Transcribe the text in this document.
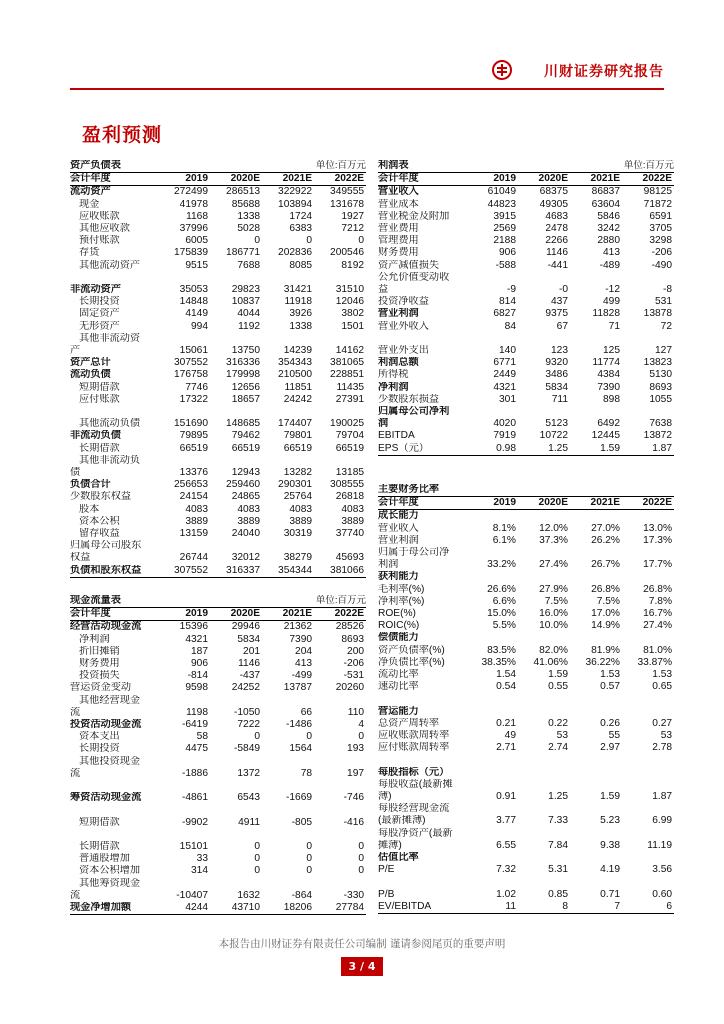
川财证券研究报告
盈利预测
资产负债表			单位:百万元	
会计年度	2019	2020E	2021E	2022E
流动资产	272499	286513	322922	349555
现金	41978	85688	103894	131678
应收账款	1168	1338	1724	1927
其他应收款	37996	5028	6383	7212
预付账款	6005	0	0	0
存货	175839	186771	202836	200546
其他流动资产	9515	7688	8085	8192

非流动资产	35053	29823	31421	31510
长期投资	14848	10837	11918	12046
固定资产	4149	4044	3926	3802
无形资产	994	1192	1338	1501
其他非流动资				
产	15061	13750	14239	14162
资产总计	307552	316336	354343	381065
流动负债	176758	179998	210500	228851
短期借款	7746	12656	11851	11435
应付账款	17322	18657	24242	27391

其他流动负债	151690	148685	174407	190025
非流动负债	79895	79462	79801	79704
长期借款	66519	66519	66519	66519
其他非流动负				
债	13376	12943	13282	13185
负债合计	256653	259460	290301	308555
少数股东权益	24154	24865	25764	26818
股本	4083	4083	4083	4083
资本公积	3889	3889	3889	3889
留存收益	13159	24040	30319	37740
归属母公司股东				
权益	26744	32012	38279	45693
负债和股东权益	307552	316337	354344	381066
现金流量表			单位:百万元	
会计年度	2019	2020E	2021E	2022E
经营活动现金流	15396	29946	21362	28526
净利润	4321	5834	7390	8693
折旧摊销	187	201	204	200
财务费用	906	1146	413	-206
投资损失	-814	-437	-499	-531
营运资金变动	9598	24252	13787	20260
其他经营现金				
流	1198	-1050	66	110
投资活动现金流	-6419	7222	-1486	4
资本支出	58	0	0	0
长期投资	4475	-5849	1564	193
其他投资现金				
流	-1886	1372	78	197

筹资活动现金流	-4861	6543	-1669	-746

短期借款	-9902	4911	-805	-416

长期借款	15101	0	0	0
普通股增加	33	0	0	0
资本公积增加	314	0	0	0
其他筹资现金				
流	-10407	1632	-864	-330
现金净增加额	4244	43710	18206	27784
利润表			单位:百万元	
会计年度	2019	2020E	2021E	2022E
营业收入	61049	68375	86837	98125
营业成本	44823	49305	63604	71872
营业税金及附加	3915	4683	5846	6591
营业费用	2569	2478	3242	3705
管理费用	2188	2266	2880	3298
财务费用	906	1146	413	-206
资产减值损失	-588	-441	-489	-490
公允价值变动收				
益	-9	-0	-12	-8
投资净收益	814	437	499	531
营业利润	6827	9375	11828	13878
营业外收入	84	67	71	72

营业外支出	140	123	125	127
利润总额	6771	9320	11774	13823
所得税	2449	3486	4384	5130
净利润	4321	5834	7390	8693
少数股东损益	301	711	898	1055
归属母公司净利				
润	4020	5123	6492	7638
EBITDA	7919	10722	12445	13872
EPS（元）	0.98	1.25	1.59	1.87
主要财务比率				
会计年度	2019	2020E	2021E	2022E
成长能力				
营业收入	8.1%	12.0%	27.0%	13.0%
营业利润	6.1%	37.3%	26.2%	17.3%
归属于母公司净				
利润	33.2%	27.4%	26.7%	17.7%
获利能力				
毛利率(%)	26.6%	27.9%	26.8%	26.8%
净利率(%)	6.6%	7.5%	7.5%	7.8%
ROE(%)	15.0%	16.0%	17.0%	16.7%
ROIC(%)	5.5%	10.0%	14.9%	27.4%
偿债能力				
资产负债率(%)	83.5%	82.0%	81.9%	81.0%
净负债比率(%)	38.35%	41.06%	36.22%	33.87%
流动比率	1.54	1.59	1.53	1.53
速动比率	0.54	0.55	0.57	0.65

营运能力				
总资产周转率	0.21	0.22	0.26	0.27
应收账款周转率	49	53	55	53
应付账款周转率	2.71	2.74	2.97	2.78

每股指标（元）				
每股收益(最新摊				
薄)	0.91	1.25	1.59	1.87
每股经营现金流				
(最新摊薄)	3.77	7.33	5.23	6.99
每股净资产(最新				
摊薄)	6.55	7.84	9.38	11.19
估值比率				
P/E	7.32	5.31	4.19	3.56

P/B	1.02	0.85	0.71	0.60
EV/EBITDA	11	8	7	6
本报告由川财证券有限责任公司编制 谨请参阅尾页的重要声明
3 / 4
